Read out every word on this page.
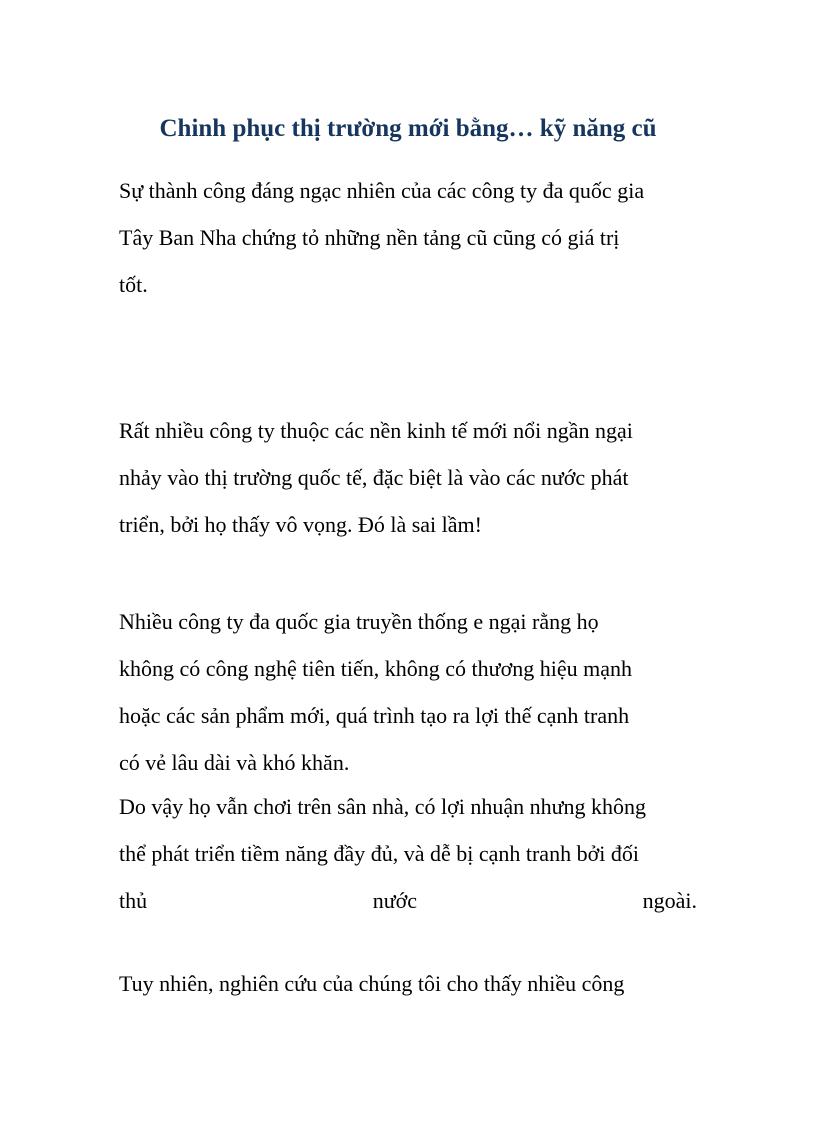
Chinh phục thị trường mới bằng… kỹ năng cũ
Sự thành công đáng ngạc nhiên của các công ty đa quốc gia
Tây Ban Nha chứng tỏ những nền tảng cũ cũng có giá trị
tốt.
Rất nhiều công ty thuộc các nền kinh tế mới nổi ngần ngại
nhảy vào thị trường quốc tế, đặc biệt là vào các nước phát
triển, bởi họ thấy vô vọng. Đó là sai lầm!
Nhiều công ty đa quốc gia truyền thống e ngại rằng họ
không có công nghệ tiên tiến, không có thương hiệu mạnh
hoặc các sản phẩm mới, quá trình tạo ra lợi thế cạnh tranh
có vẻ lâu dài và khó khăn.
Do vậy họ vẫn chơi trên sân nhà, có lợi nhuận nhưng không
thể phát triển tiềm năng đầy đủ, và dễ bị cạnh tranh bởi đối
thủ	nước	ngoài.
Tuy nhiên, nghiên cứu của chúng tôi cho thấy nhiều công
